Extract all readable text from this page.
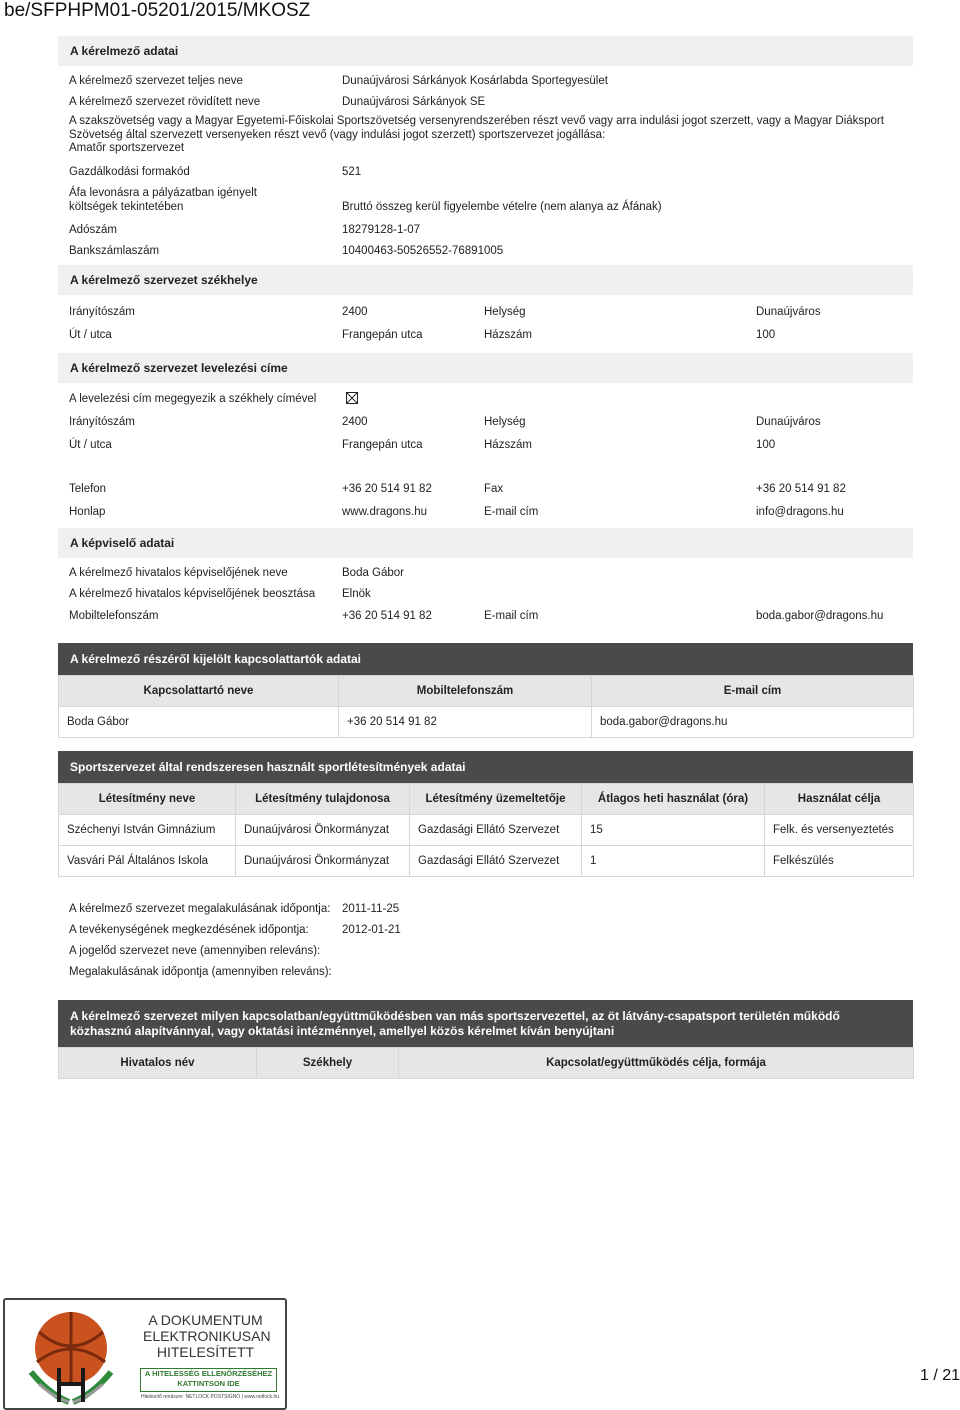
be/SFPHPM01-05201/2015/MKOSZ
A kérelmező adatai
A kérelmező szervezet teljes neve	Dunaújvárosi Sárkányok Kosárlabda Sportegyesület
A kérelmező szervezet rövidített neve	Dunaújvárosi Sárkányok SE
A szakszövetség vagy a Magyar Egyetemi-Főiskolai Sportszövetség versenyrendszerében részt vevő vagy arra indulási jogot szerzett, vagy a Magyar Diáksport Szövetség által szervezett versenyeken részt vevő (vagy indulási jogot szerzett) sportszervezet jogállása:
Amatőr sportszervezet
Gazdálkodási formakód	521
Áfa levonásra a pályázatban igényelt költségek tekintetében	Bruttó összeg kerül figyelembe vételre (nem alanya az Áfának)
Adószám	18279128-1-07
Bankszámlaszám	10400463-50526552-76891005
A kérelmező szervezet székhelye
Irányítószám	2400	Helység	Dunaújváros
Út / utca	Frangepán utca	Házszám	100
A kérelmező szervezet levelezési címe
A levelezési cím megegyezik a székhely címével
Irányítószám	2400	Helység	Dunaújváros
Út / utca	Frangepán utca	Házszám	100
Telefon	+36 20 514 91 82	Fax	+36 20 514 91 82
Honlap	www.dragons.hu	E-mail cím	info@dragons.hu
A képviselő adatai
A kérelmező hivatalos képviselőjének neve	Boda Gábor
A kérelmező hivatalos képviselőjének beosztása Elnök
Mobiltelefonszám	+36 20 514 91 82	E-mail cím	boda.gabor@dragons.hu
A kérelmező részéről kijelölt kapcsolattartók adatai
Kapcsolattartó neve	Mobiltelefonszám	E-mail cím
Boda Gábor	+36 20 514 91 82	boda.gabor@dragons.hu
Sportszervezet által rendszeresen használt sportlétesítmények adatai
Létesítmény neve	Létesítmény tulajdonosa	Létesítmény üzemeltetője	Átlagos heti használat (óra)	Használat célja
Széchenyi István Gimnázium	Dunaújvárosi Önkormányzat	Gazdasági Ellátó Szervezet	15	Felk. és versenyeztetés
Vasvári Pál Általános Iskola	Dunaújvárosi Önkormányzat	Gazdasági Ellátó Szervezet	1	Felkészülés
A kérelmező szervezet megalakulásának időpontja: 2011-11-25
A tevékenységének megkezdésének időpontja:	2012-01-21
A jogelőd szervezet neve (amennyiben releváns):
Megalakulásának időpontja (amennyiben releváns):
A kérelmező szervezet milyen kapcsolatban/együttműködésben van más sportszervezettel, az öt látvány-csapatsport területén működő közhasznú alapítvánnyal, vagy oktatási intézménnyel, amellyel közös kérelmet kíván benyújtani
Hivatalos név	Székhely	Kapcsolat/együttműködés célja, formája
A DOKUMENTUM
ELEKTRONIKUSAN
HITELESÍTETT
A HITELESSÉG ELLENŐRZÉSÉHEZ KATTINTSON IDE
Hitelesítő rendszer: NETLOCK POSTSIGNO | www.netlock.hu
1 / 21
